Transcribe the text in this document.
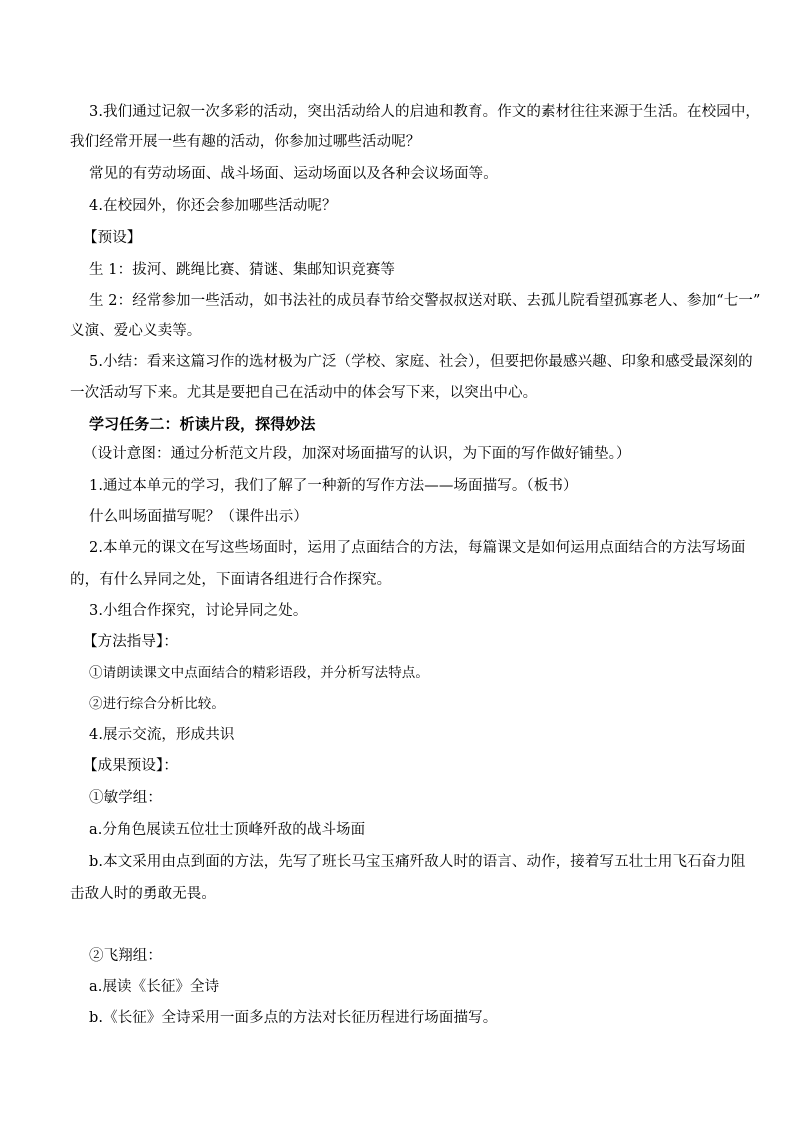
3.我们通过记叙一次多彩的活动，突出活动给人的启迪和教育。作文的素材往往来源于生活。在校园中，
我们经常开展一些有趣的活动，你参加过哪些活动呢？
常见的有劳动场面、战斗场面、运动场面以及各种会议场面等。
4.在校园外，你还会参加哪些活动呢？
【预设】
生 1：拔河、跳绳比赛、猜谜、集邮知识竞赛等
生 2：经常参加一些活动，如书法社的成员春节给交警叔叔送对联、去孤儿院看望孤寡老人、参加“七一”
义演、爱心义卖等。
5.小结：看来这篇习作的选材极为广泛（学校、家庭、社会），但要把你最感兴趣、印象和感受最深刻的
一次活动写下来。尤其是要把自己在活动中的体会写下来，以突出中心。
学习任务二：析读片段，探得妙法
（设计意图：通过分析范文片段，加深对场面描写的认识，为下面的写作做好铺垫。）
1.通过本单元的学习，我们了解了一种新的写作方法——场面描写。（板书）
什么叫场面描写呢？（课件出示）
2.本单元的课文在写这些场面时，运用了点面结合的方法，每篇课文是如何运用点面结合的方法写场面
的，有什么异同之处，下面请各组进行合作探究。
3.小组合作探究，讨论异同之处。
【方法指导】：
①请朗读课文中点面结合的精彩语段，并分析写法特点。
②进行综合分析比较。
4.展示交流，形成共识
【成果预设】：
①敏学组：
a.分角色展读五位壮士顶峰歼敌的战斗场面
b.本文采用由点到面的方法，先写了班长马宝玉痛歼敌人时的语言、动作，接着写五壮士用飞石奋力阻
击敌人时的勇敢无畏。
②飞翔组：
a.展读《长征》全诗
b.《长征》全诗采用一面多点的方法对长征历程进行场面描写。
